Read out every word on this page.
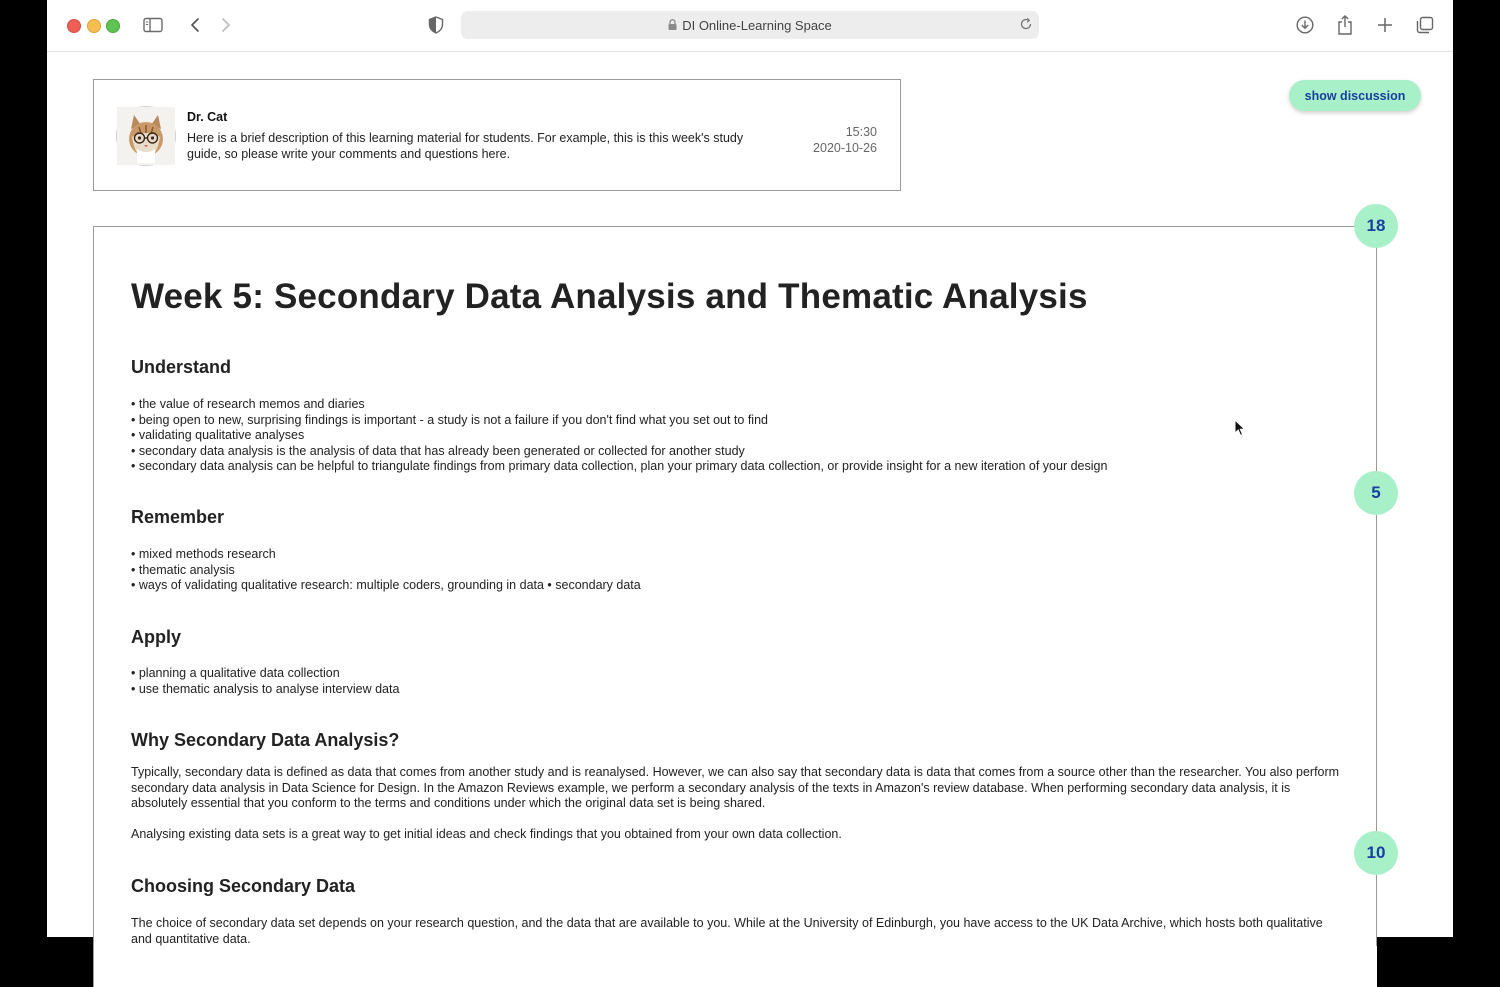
DI Online-Learning Space
Dr. Cat
Here is a brief description of this learning material for students. For example, this is this week's study guide, so please write your comments and questions here.
15:30
2020-10-26
show discussion
Week 5: Secondary Data Analysis and Thematic Analysis
Understand
• the value of research memos and diaries
• being open to new, surprising findings is important - a study is not a failure if you don't find what you set out to find
• validating qualitative analyses
• secondary data analysis is the analysis of data that has already been generated or collected for another study
• secondary data analysis can be helpful to triangulate findings from primary data collection, plan your primary data collection, or provide insight for a new iteration of your design
Remember
• mixed methods research
• thematic analysis
• ways of validating qualitative research: multiple coders, grounding in data • secondary data
Apply
• planning a qualitative data collection
• use thematic analysis to analyse interview data
Why Secondary Data Analysis?

Typically, secondary data is defined as data that comes from another study and is reanalysed. However, we can also say that secondary data is data that comes from a source other than the researcher. You also perform secondary data analysis in Data Science for Design. In the Amazon Reviews example, we perform a secondary analysis of the texts in Amazon's review database. When performing secondary data analysis, it is absolutely essential that you conform to the terms and conditions under which the original data set is being shared.

Analysing existing data sets is a great way to get initial ideas and check findings that you obtained from your own data collection.

Choosing Secondary Data

The choice of secondary data set depends on your research question, and the data that are available to you. While at the University of Edinburgh, you have access to the UK Data Archive, which hosts both qualitative and quantitative data.

18
5
10
